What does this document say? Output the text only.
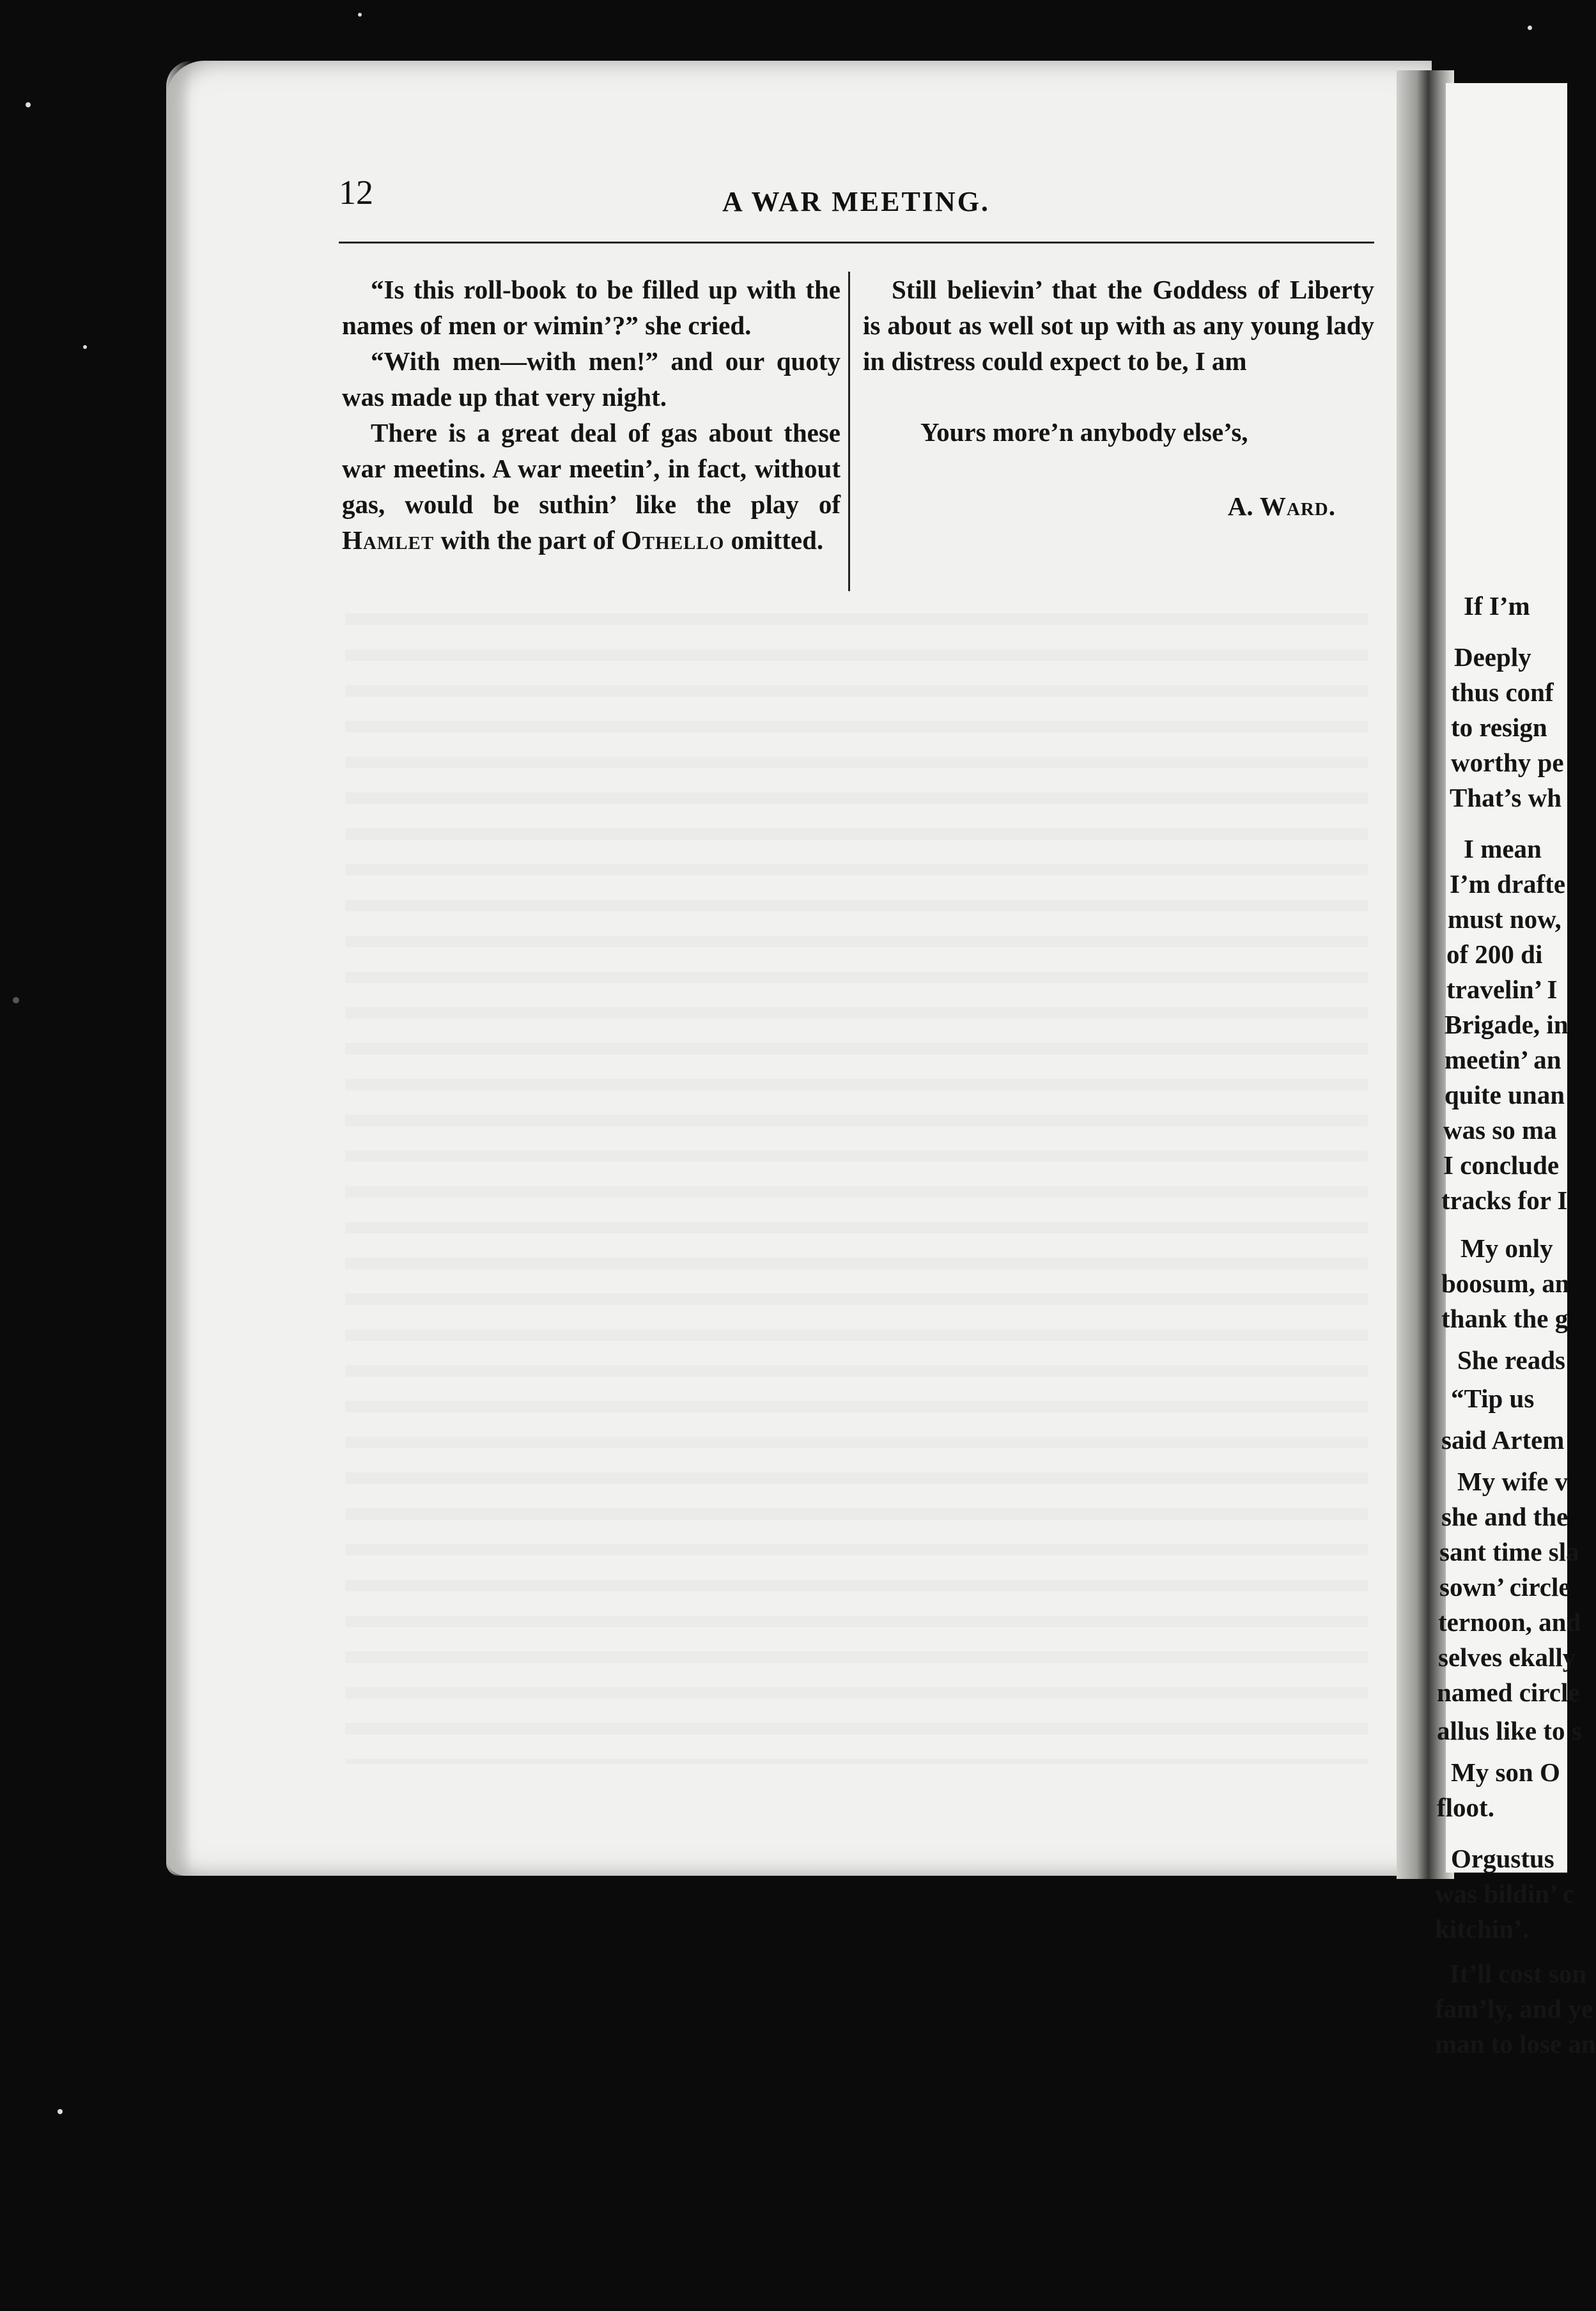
12	A WAR MEETING.

“Is this roll-book to be filled up with the names of men or wimin’?” she cried.

“With men—with men!” and our quoty was made up that very night.

There is a great deal of gas about these war meetins. A war meetin’, in fact, without gas, would be suthin’ like the play of Hamlet with the part of Othello omitted.

Still believin’ that the Goddess of Liberty is about as well sot up with as any young lady in distress could expect to be, I am

Yours more’n anybody else’s,

A. Ward.

If I’m
Deeply
thus conf
to resign
worthy pe
That’s wh
I mean
I’m drafte
must now,
of 200 di
travelin’ I
Brigade, in
meetin’ an
quite unan
was so ma
I conclude
tracks for I
My only
boosum, an
thank the g
She reads
“Tip us
said Artem
My wife v
she and the
sant time sla
sown’ circle
ternoon, and
selves ekally
named circle
allus like to s
My son O
floot.
Orgustus
was bildin’ c
kitchin’.
It’ll cost son
fam’ly, and ye
man to lose an
